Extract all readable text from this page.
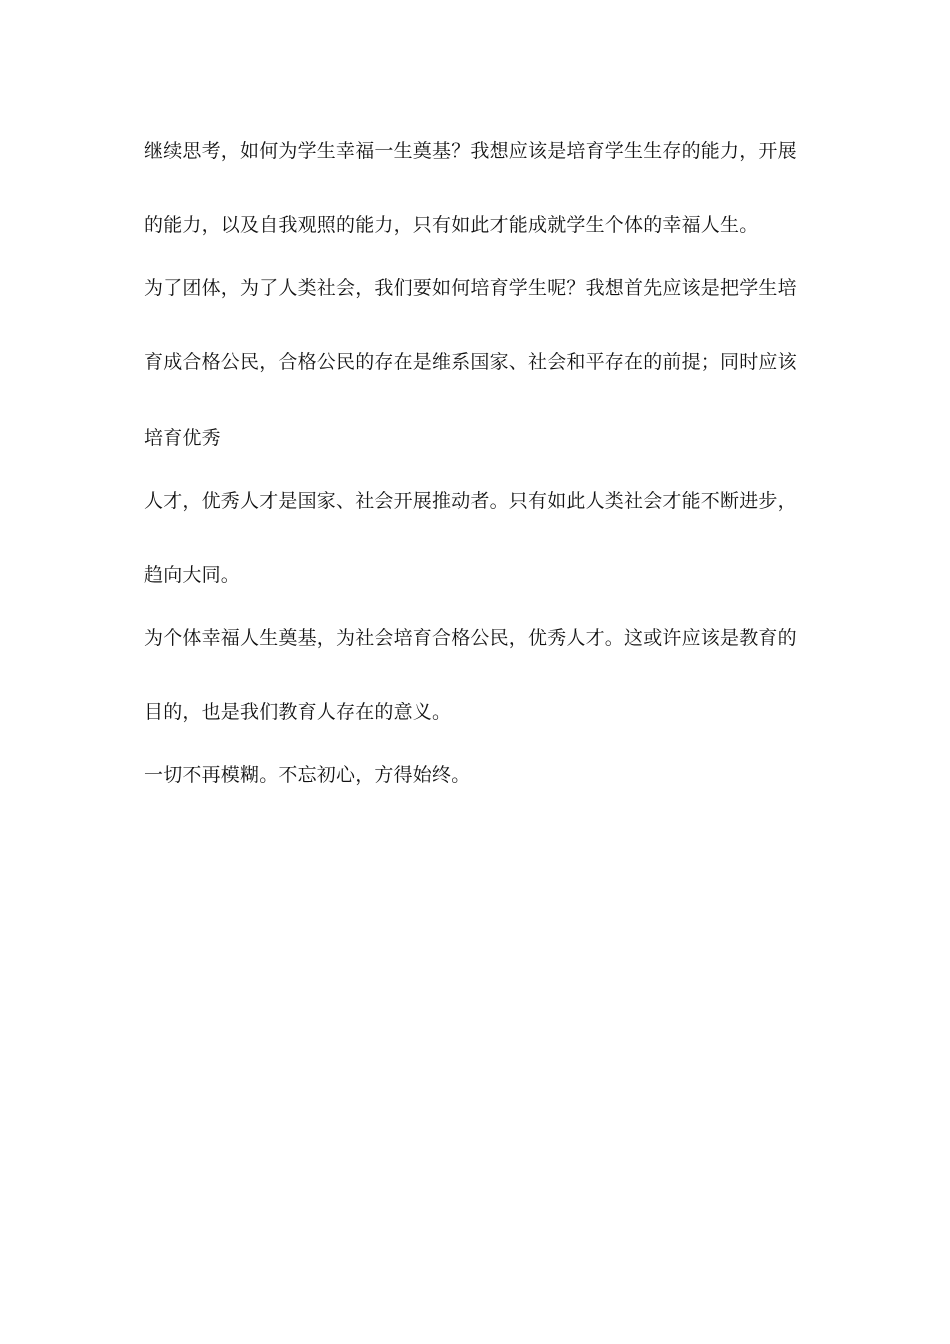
继续思考，如何为学生幸福一生奠基？我想应该是培育学生生存的能力，开展
的能力，以及自我观照的能力，只有如此才能成就学生个体的幸福人生。
为了团体，为了人类社会，我们要如何培育学生呢？我想首先应该是把学生培
育成合格公民，合格公民的存在是维系国家、社会和平存在的前提；同时应该
培育优秀
人才，优秀人才是国家、社会开展推动者。只有如此人类社会才能不断进步，
趋向大同。
为个体幸福人生奠基，为社会培育合格公民，优秀人才。这或许应该是教育的
目的，也是我们教育人存在的意义。
一切不再模糊。不忘初心，方得始终。
